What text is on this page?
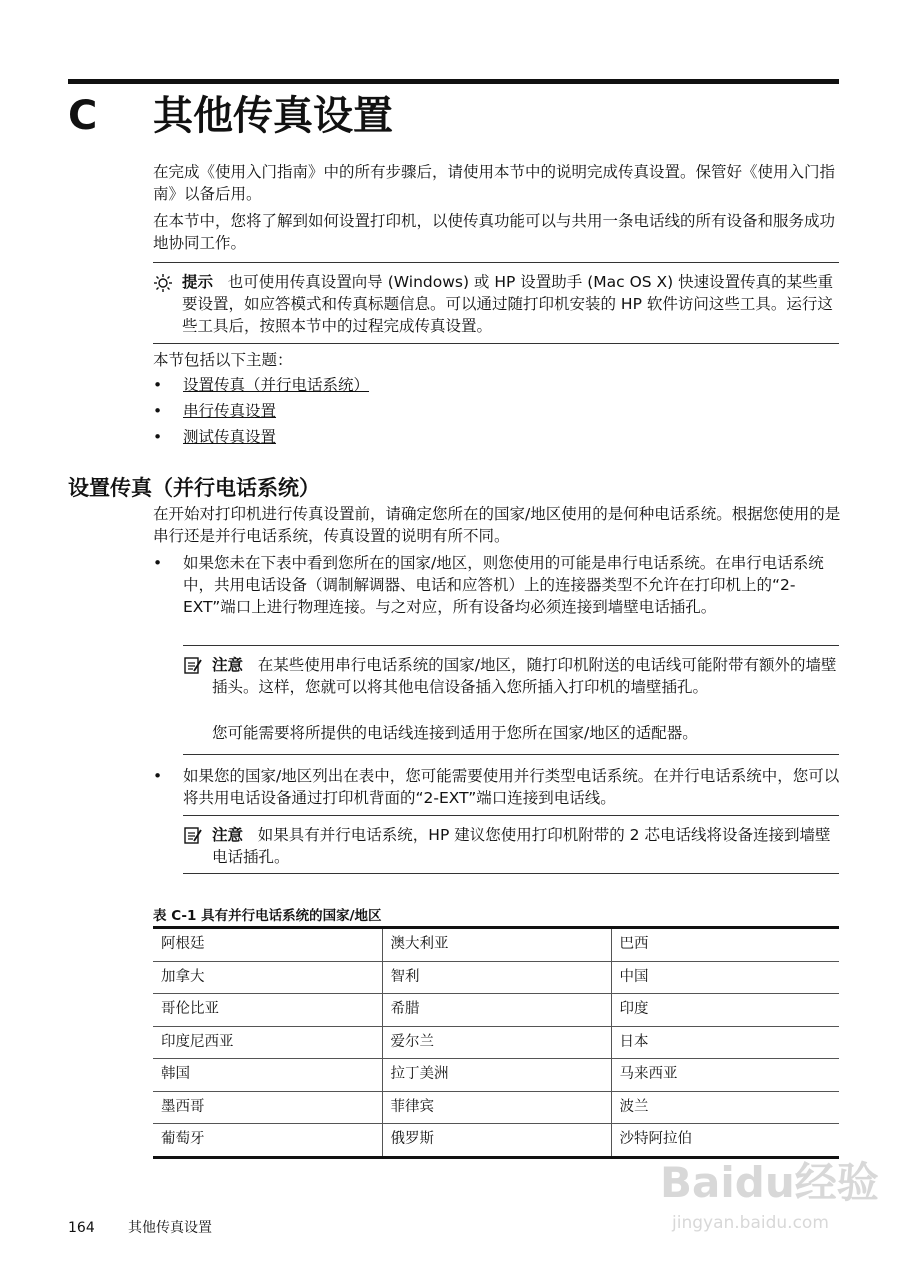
C 其他传真设置

在完成《使用入门指南》中的所有步骤后，请使用本节中的说明完成传真设置。保管好《使用入门指南》以备后用。

在本节中，您将了解到如何设置打印机，以使传真功能可以与共用一条电话线的所有设备和服务成功地协同工作。

提示 也可使用传真设置向导 (Windows) 或 HP 设置助手 (Mac OS X) 快速设置传真的某些重要设置，如应答模式和传真标题信息。可以通过随打印机安装的 HP 软件访问这些工具。运行这些工具后，按照本节中的过程完成传真设置。
本节包括以下主题：
• 设置传真（并行电话系统）
• 串行传真设置
• 测试传真设置
设置传真（并行电话系统）
在开始对打印机进行传真设置前，请确定您所在的国家/地区使用的是何种电话系统。根据您使用的是串行还是并行电话系统，传真设置的说明有所不同。
• 如果您未在下表中看到您所在的国家/地区，则您使用的可能是串行电话系统。在串行电话系统中，共用电话设备（调制解调器、电话和应答机）上的连接器类型不允许在打印机上的“2-EXT”端口上进行物理连接。与之对应，所有设备均必须连接到墙壁电话插孔。
注意 在某些使用串行电话系统的国家/地区，随打印机附送的电话线可能附带有额外的墙壁插头。这样，您就可以将其他电信设备插入您所插入打印机的墙壁插孔。
您可能需要将所提供的电话线连接到适用于您所在国家/地区的适配器。
• 如果您的国家/地区列出在表中，您可能需要使用并行类型电话系统。在并行电话系统中，您可以将共用电话设备通过打印机背面的“2-EXT”端口连接到电话线。
注意 如果具有并行电话系统，HP 建议您使用打印机附带的 2 芯电话线将设备连接到墙壁电话插孔。
表 C-1 具有并行电话系统的国家/地区
阿根廷	澳大利亚	巴西
加拿大	智利	中国
哥伦比亚	希腊	印度
印度尼西亚	爱尔兰	日本
韩国	拉丁美洲	马来西亚
墨西哥	菲律宾	波兰
葡萄牙	俄罗斯	沙特阿拉伯
164 其他传真设置
Baidu经验
jingyan.baidu.com
